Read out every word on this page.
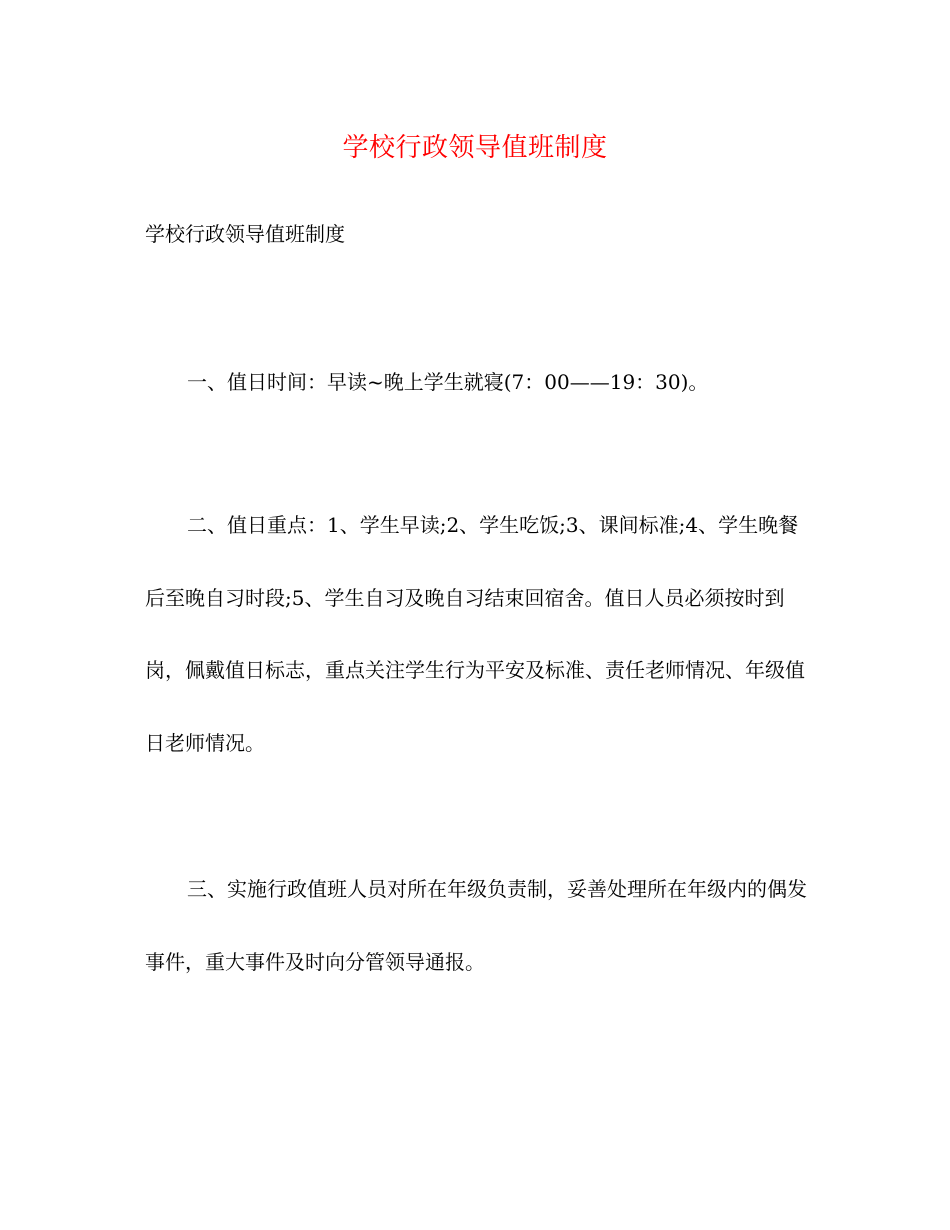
学校行政领导值班制度
学校行政领导值班制度

一、值日时间：早读~晚上学生就寝(7：00——19：30)。

二、值日重点：1、学生早读;2、学生吃饭;3、课间标准;4、学生晚餐后至晚自习时段;5、学生自习及晚自习结束回宿舍。值日人员必须按时到岗，佩戴值日标志，重点关注学生行为平安及标准、责任老师情况、年级值日老师情况。

三、实施行政值班人员对所在年级负责制，妥善处理所在年级内的偶发事件，重大事件及时向分管领导通报。
